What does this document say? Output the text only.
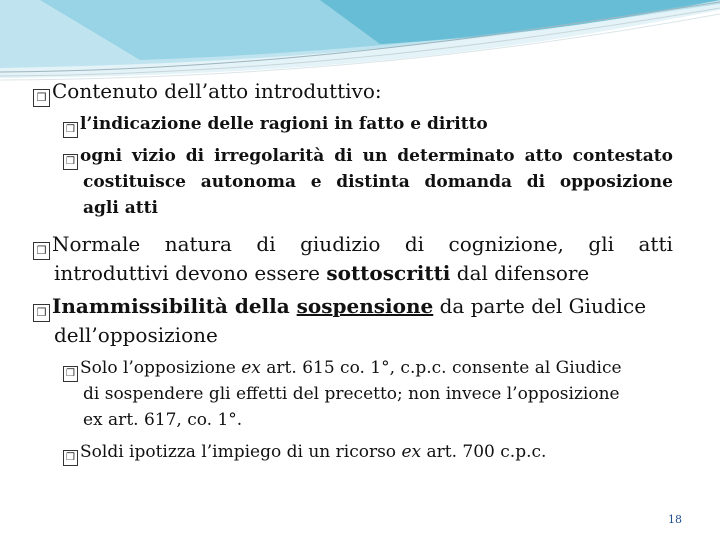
❒ Contenuto dell’atto introduttivo:
❒ l’indicazione delle ragioni in fatto e diritto
❒ ogni vizio di irregolarità di un determinato atto contestato
costituisce autonoma e distinta domanda di opposizione
agli atti
❒ Normale natura di giudizio di cognizione, gli atti
introduttivi devono essere sottoscritti dal difensore
❒ Inammissibilità della sospensione da parte del Giudice
dell’opposizione
❒ Solo l’opposizione ex art. 615 co. 1°, c.p.c. consente al Giudice
di sospendere gli effetti del precetto; non invece l’opposizione
ex art. 617, co. 1°.
❒ Soldi ipotizza l’impiego di un ricorso ex art. 700 c.p.c.
18
